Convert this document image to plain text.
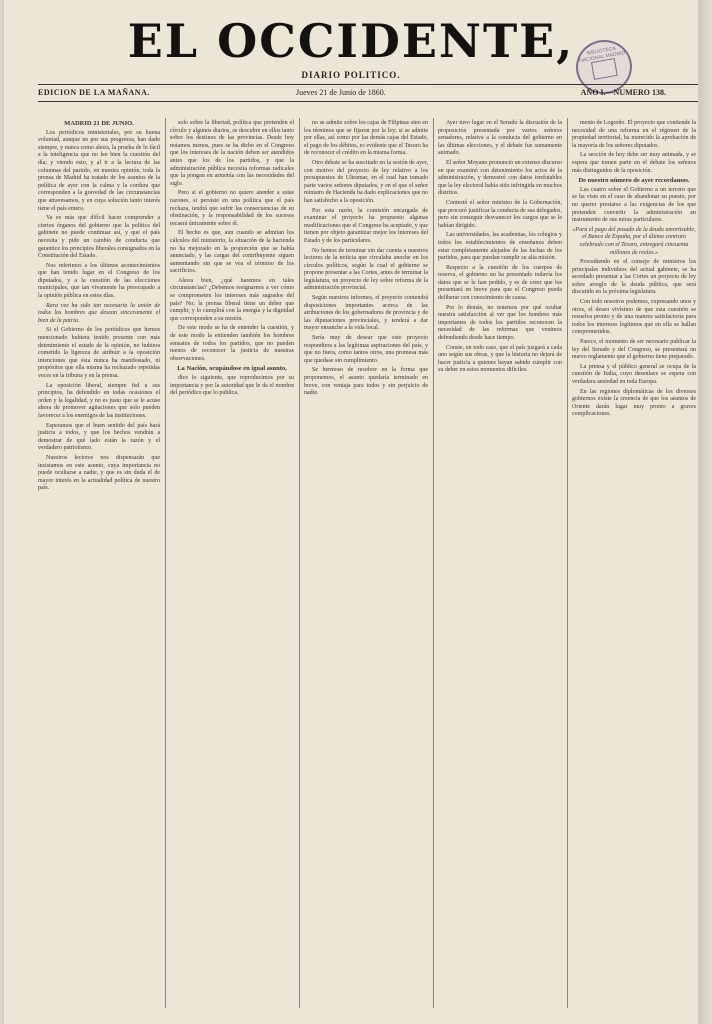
EL OCCIDENTE,
DIARIO POLITICO.
BIBLIOTECA NACIONAL MADRID
EDICION DE LA MAÑANA.
······································································································································································································································································
Jueves 21 de Junio de 1860.
······································································································································································································································································
AÑO I.—NUMERO 138.

MADRID 21 DE JUNIO.

Los periódicos ministeriales, por su buena voluntad, aunque no por sus progresos, han dado siempre, y nunca como ahora, la prueba de lo fácil a la inteligencia que no lee bien la cuestión del día; y viendo esto, y al ir a la lectura de las columnas del partido, en nuestra opinión, toda la prensa de Madrid ha tratado de los asuntos de la política de ayer con la calma y la cordura que corresponden a la gravedad de las circunstancias que atravesamos, y en cuya solución tanto interés tiene el país entero.

Ya es más que difícil hacer comprender a ciertos órganos del gobierno que la política del gabinete no puede continuar así, y que el país necesita y pide un cambio de conducta que garantice los principios liberales consignados en la Constitución del Estado.

Nos referimos a los últimos acontecimientos que han tenido lugar en el Congreso de los diputados, y a la cuestión de las elecciones municipales, que tan vivamente ha preocupado a la opinión pública en estos días.

Rara vez ha sido tan necesaria la unión de todos los hombres que desean sinceramente el bien de la patria.

Si el Gobierno de los periódicos que hemos mencionado hubiera tenido presente con más detenimiento el estado de la opinión, no hubiera cometido la ligereza de atribuir a la oposición intenciones que ésta nunca ha manifestado, ni propósitos que ella misma ha rechazado repetidas veces en la tribuna y en la prensa.

La oposición liberal, siempre fiel a sus principios, ha defendido en todas ocasiones el orden y la legalidad, y no es justo que se le acuse ahora de promover agitaciones que solo pueden favorecer a los enemigos de las instituciones.

Esperamos que el buen sentido del país hará justicia a todos, y que los hechos vendrán a demostrar de qué lado están la razón y el verdadero patriotismo.

Nuestros lectores nos dispensarán que insistamos en este asunto, cuya importancia no puede ocultarse a nadie, y que es sin duda el de mayor interés en la actualidad política de nuestro país.

solo sobre la libertad, política que pretenden el círculo y algunos diarios, se descubre en ellos tanto sobre los destinos de las provincias. Desde hoy notamos menos, pues se ha dicho en el Congreso que los intereses de la nación deben ser atendidos antes que los de los partidos, y que la administración pública necesita reformas radicales que la pongan en armonía con las necesidades del siglo.

Pero si el gobierno no quiere atender a estas razones, si persiste en una política que el país rechaza, tendrá que sufrir las consecuencias de su obstinación, y la responsabilidad de los sucesos recaerá únicamente sobre él.

El hecho es que, aun cuando se admitan los cálculos del ministerio, la situación de la hacienda no ha mejorado en la proporción que se había anunciado, y las cargas del contribuyente siguen aumentando sin que se vea el término de los sacrificios.

Ahora bien, ¿qué haremos en tales circunstancias? ¿Debemos resignarnos a ver cómo se comprometen los intereses más sagrados del país? No; la prensa liberal tiene un deber que cumplir, y lo cumplirá con la energía y la dignidad que corresponden a su misión.

De este modo se ha de entender la cuestión, y de este modo la entienden también los hombres sensatos de todos los partidos, que no pueden menos de reconocer la justicia de nuestras observaciones.

La Nación, ocupándose en igual asunto,

dice lo siguiente, que reproducimos por su importancia y por la autoridad que le da el nombre del periódico que lo publica.

no se admite sobre los cajas de Filipinas sino en los términos que se fijaron por la ley; si se admite por ellas, así como por las demás cajas del Estado, el pago de los débitos, es evidente que el Tesoro ha de reconocer el crédito en la misma forma.

Otro debate se ha suscitado en la sesión de ayer, con motivo del proyecto de ley relativo a los presupuestos de Ultramar, en el cual han tomado parte varios señores diputados, y en el que el señor ministro de Hacienda ha dado explicaciones que no han satisfecho a la oposición.

Por esta razón, la comisión encargada de examinar el proyecto ha propuesto algunas modificaciones que el Congreso ha aceptado, y que tienen por objeto garantizar mejor los intereses del Estado y de los particulares.

No hemos de terminar sin dar cuenta a nuestros lectores de la noticia que circulaba anoche en los círculos políticos, según la cual el gobierno se propone presentar a las Cortes, antes de terminar la legislatura, un proyecto de ley sobre reforma de la administración provincial.

Según nuestros informes, el proyecto contendrá disposiciones importantes acerca de las atribuciones de los gobernadores de provincia y de las diputaciones provinciales, y tenderá a dar mayor ensanche a la vida local.

Sería muy de desear que este proyecto respondiera a las legítimas aspiraciones del país, y que no fuera, como tantos otros, una promesa más que quedase sin cumplimiento.

Se hermoso de resolver en la forma que proponemos, el asunto quedaría terminado en breve, con ventaja para todos y sin perjuicio de nadie.

Ayer tuvo lugar en el Senado la discusión de la proposición presentada por varios señores senadores, relativa a la conducta del gobierno en las últimas elecciones, y el debate fue sumamente animado.

El señor Moyano pronunció un extenso discurso en que examinó con detenimiento los actos de la administración, y demostró con datos irrefutables que la ley electoral había sido infringida en muchos distritos.

Contestó el señor ministro de la Gobernación, que procuró justificar la conducta de sus delegados, pero sin conseguir desvanecer los cargos que se le habían dirigido.

Las universidades, las academias, los colegios y todos los establecimientos de enseñanza deben estar completamente alejados de las luchas de los partidos, para que puedan cumplir su alta misión.

Respecto a la cuestión de los cuerpos de reserva, el gobierno no ha presentado todavía los datos que se le han pedido, y es de creer que los presentará en breve para que el Congreso pueda deliberar con conocimiento de causa.

Por lo demás, no tenemos por qué ocultar nuestra satisfacción al ver que los hombres más importantes de todos los partidos reconocen la necesidad de las reformas que venimos defendiendo desde hace tiempo.

Conste, en todo caso, que el país juzgará a cada uno según sus obras, y que la historia no dejará de hacer justicia a quienes hayan sabido cumplir con su deber en estos momentos difíciles.

mento de Logroño. El proyecto que contiende la necesidad de una reforma en el régimen de la propiedad territorial, ha merecido la aprobación de la mayoría de los señores diputados.

La sección de hoy debe ser muy animada, y se espera que tomen parte en el debate los señores más distinguidos de la oposición.

De nuestro número de ayer recordamos.

Las cuatro sobre el Gobierno a un tercero que se ha visto en el caso de abandonar su puesto, por no querer prestarse a las exigencias de los que pretenden convertir la administración en instrumento de sus miras particulares.

«Para el pago del pasado de la deuda amortizable, el Banco de España, por el último contrato celebrado con el Tesoro, entregará cincuenta millones de reales.»

Procediendo en el consejo de ministros los principales individuos del actual gabinete, se ha acordado presentar a las Cortes un proyecto de ley sobre arreglo de la deuda pública, que será discutido en la próxima legislatura.

Con todo nosotros podemos, expresando unos y otros, el deseo vivísimo de que esta cuestión se resuelva pronto y de una manera satisfactoria para todos los intereses legítimos que en ella se hallan comprometidos.

Parece, el momento de ser necesario publicar la ley del Senado y del Congreso, se presentará un nuevo reglamento que el gobierno tiene preparado.

La prensa y el público general se ocupa de la cuestión de Italia, cuyo desenlace se espera con verdadera ansiedad en toda Europa.

En las regiones diplomáticas de los diversos gobiernos existe la creencia de que los asuntos de Oriente darán lugar muy pronto a graves complicaciones.
